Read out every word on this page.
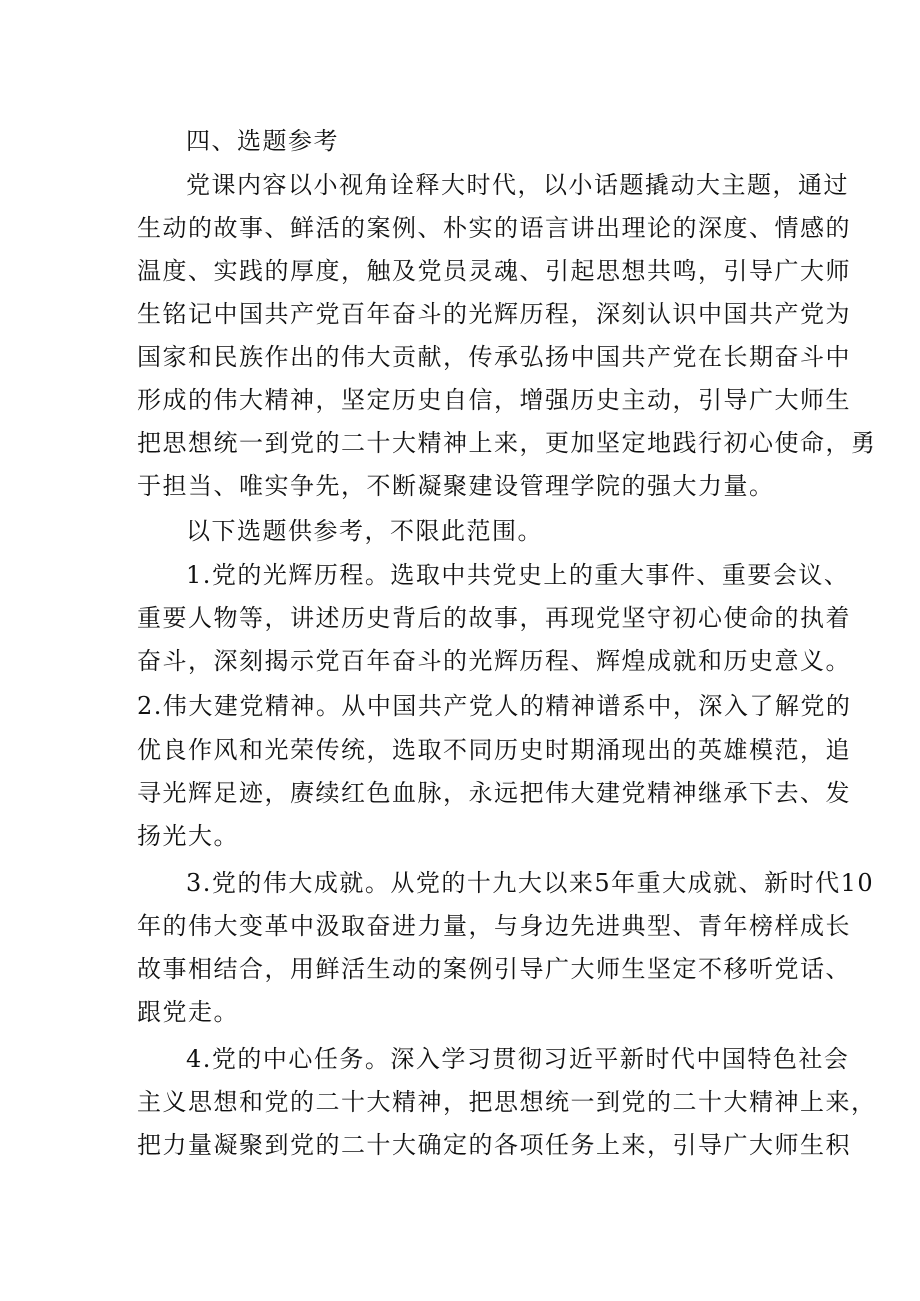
四、选题参考
党课内容以小视角诠释大时代，以小话题撬动大主题，通过
生动的故事、鲜活的案例、朴实的语言讲出理论的深度、情感的
温度、实践的厚度，触及党员灵魂、引起思想共鸣，引导广大师
生铭记中国共产党百年奋斗的光辉历程，深刻认识中国共产党为
国家和民族作出的伟大贡献，传承弘扬中国共产党在长期奋斗中
形成的伟大精神，坚定历史自信，增强历史主动，引导广大师生
把思想统一到党的二十大精神上来，更加坚定地践行初心使命，勇
于担当、唯实争先，不断凝聚建设管理学院的强大力量。
以下选题供参考，不限此范围。
1.党的光辉历程。选取中共党史上的重大事件、重要会议、
重要人物等，讲述历史背后的故事，再现党坚守初心使命的执着
奋斗，深刻揭示党百年奋斗的光辉历程、辉煌成就和历史意义。
2.伟大建党精神。从中国共产党人的精神谱系中，深入了解党的
优良作风和光荣传统，选取不同历史时期涌现出的英雄模范，追
寻光辉足迹，赓续红色血脉，永远把伟大建党精神继承下去、发
扬光大。
3.党的伟大成就。从党的十九大以来5年重大成就、新时代10
年的伟大变革中汲取奋进力量，与身边先进典型、青年榜样成长
故事相结合，用鲜活生动的案例引导广大师生坚定不移听党话、
跟党走。
4.党的中心任务。深入学习贯彻习近平新时代中国特色社会
主义思想和党的二十大精神，把思想统一到党的二十大精神上来，
把力量凝聚到党的二十大确定的各项任务上来，引导广大师生积
